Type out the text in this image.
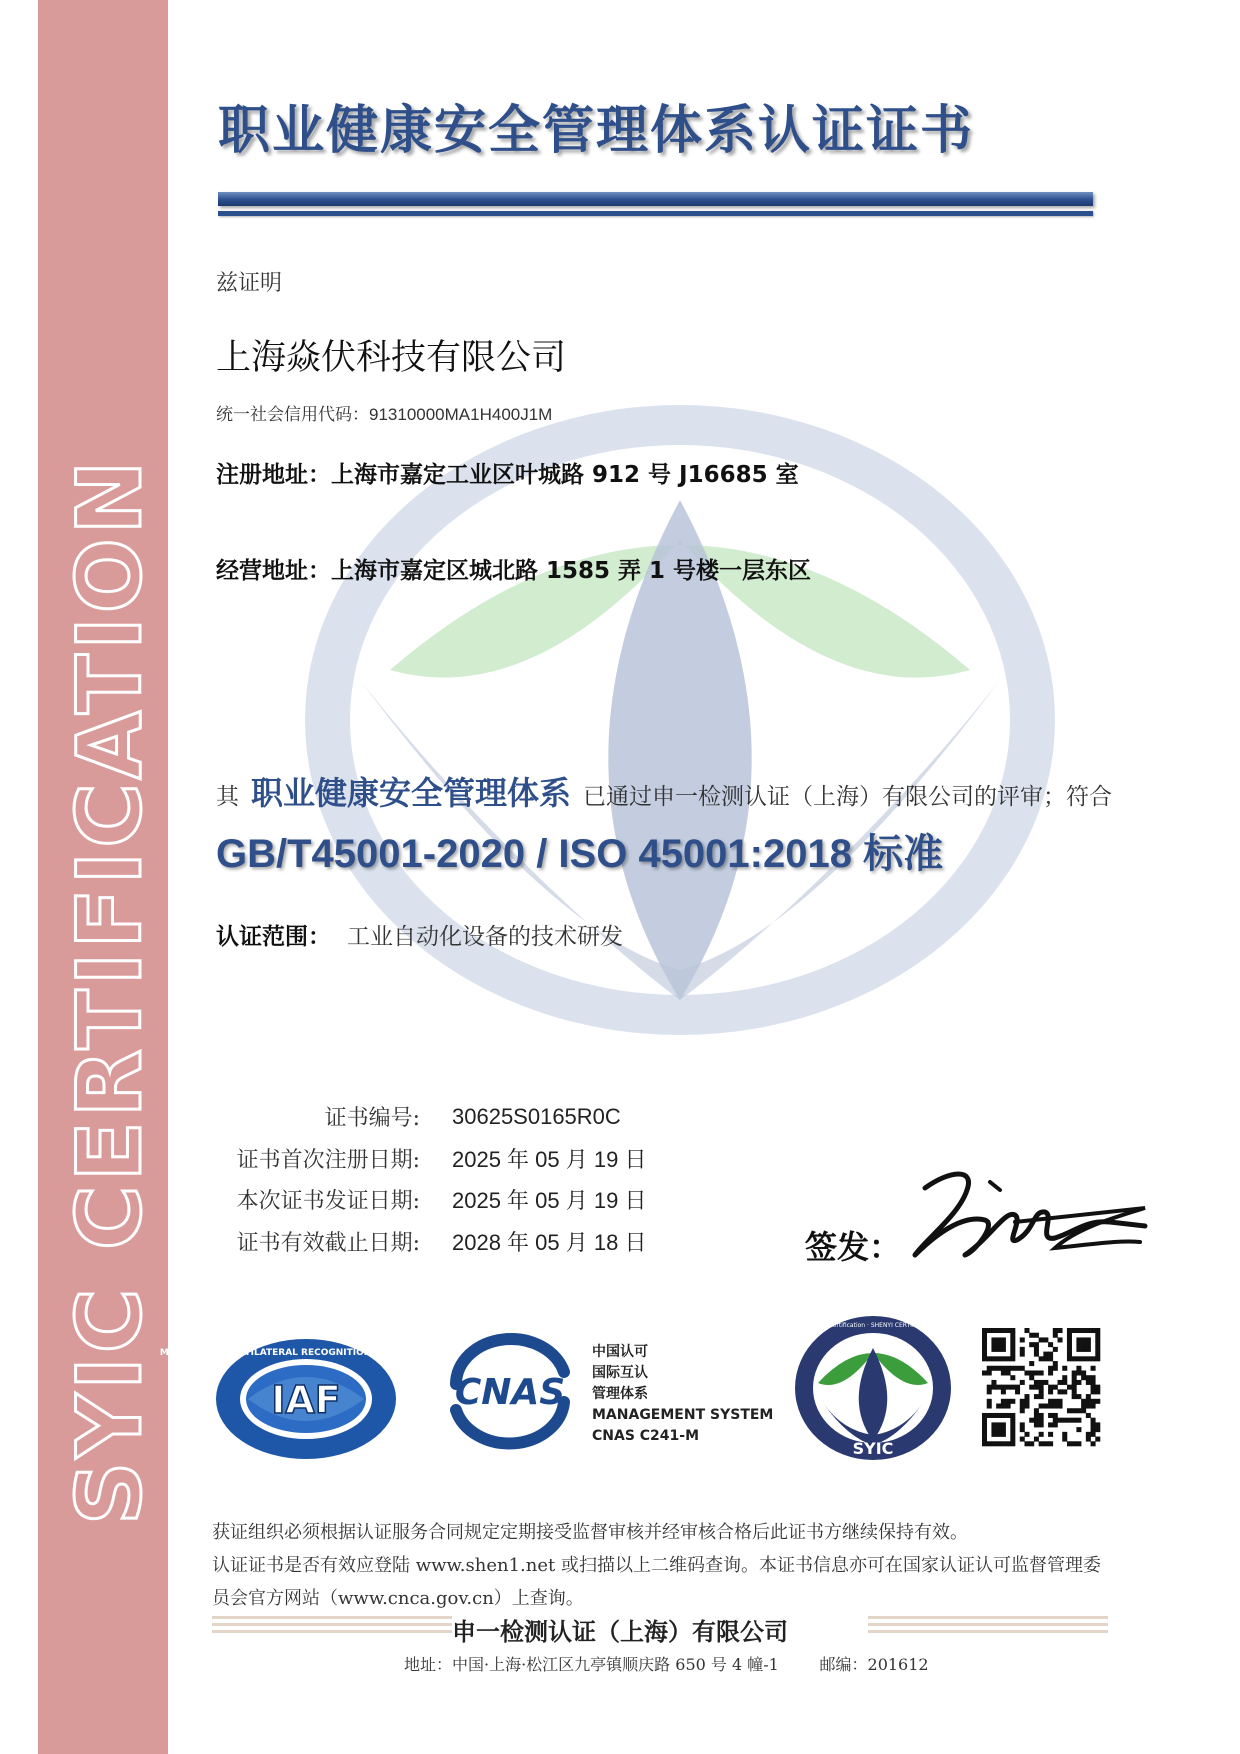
SYIC CERTIFICATION
职业健康安全管理体系认证证书

兹证明

上海焱伏科技有限公司

统一社会信用代码：91310000MA1H400J1M

注册地址：上海市嘉定工业区叶城路 912 号 J16685 室

经营地址：上海市嘉定区城北路 1585 弄 1 号楼一层东区

其 职业健康安全管理体系 已通过申一检测认证（上海）有限公司的评审；符合

GB/T45001-2020 / ISO 45001:2018 标准

认证范围： 工业自动化设备的技术研发

证书编号:	30625S0165R0C
证书首次注册日期:	2025 年 05 月 19 日
本次证书发证日期:	2025 年 05 月 19 日
证书有效截止日期:	2028 年 05 月 18 日	签发：

IAF
MEMBER OF MULTILATERAL RECOGNITION ARRANGEMENT
CNAS
中国认可
国际互认
管理体系
MANAGEMENT SYSTEM
CNAS C241-M
SYIC
ShenYi Certification · SHENYI CERTIFICATION
获证组织必须根据认证服务合同规定定期接受监督审核并经审核合格后此证书方继续保持有效。
认证证书是否有效应登陆 www.shen1.net 或扫描以上二维码查询。本证书信息亦可在国家认证认可监督管理委
员会官方网站（www.cnca.gov.cn）上查询。

申一检测认证（上海）有限公司

地址：中国·上海·松江区九亭镇顺庆路 650 号 4 幢-1	邮编：201612
